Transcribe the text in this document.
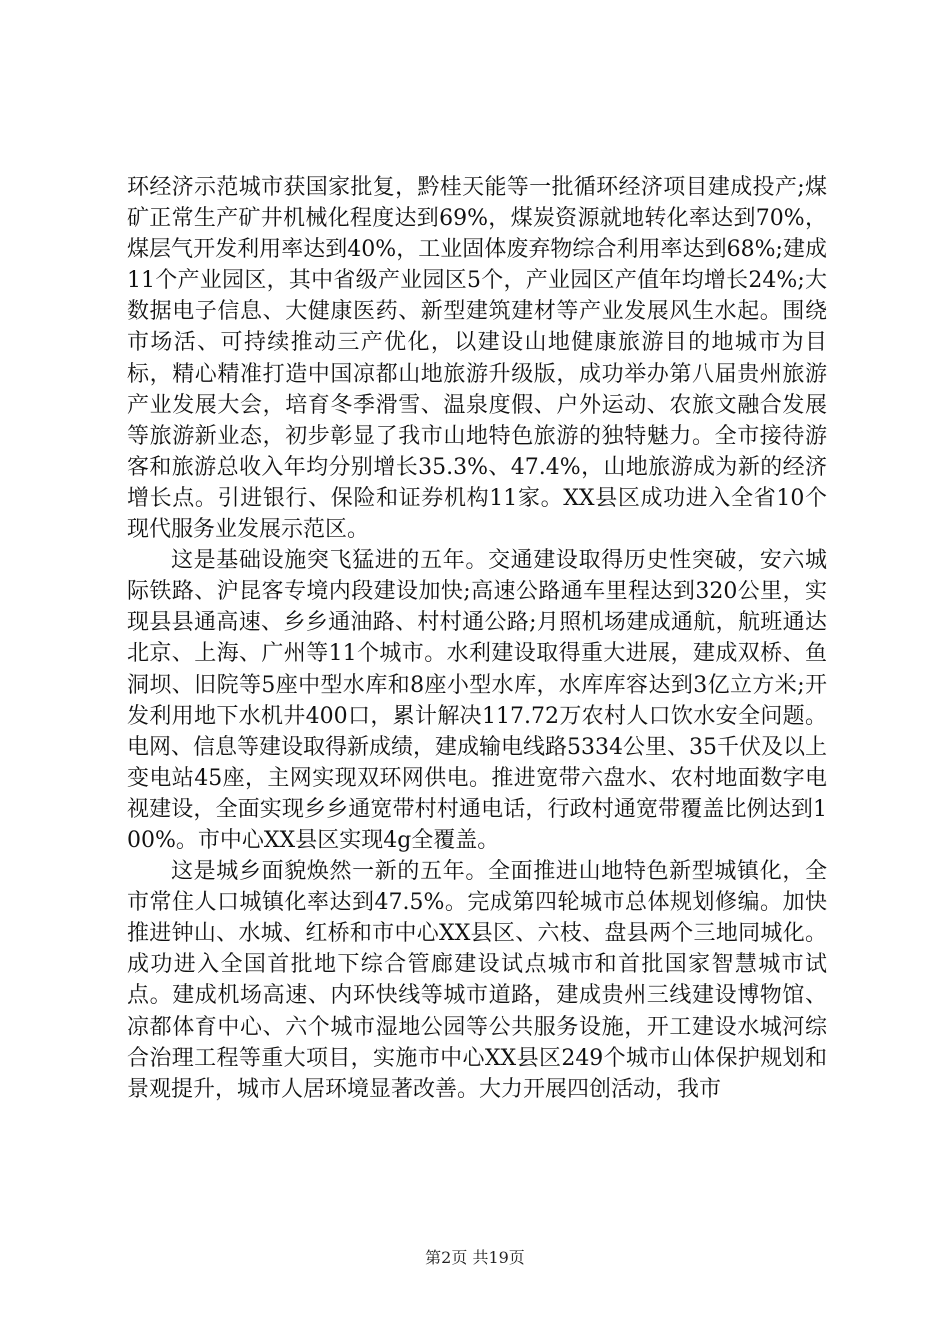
环经济示范城市获国家批复，黔桂天能等一批循环经济项目建成投产;煤矿正常生产矿井机械化程度达到69%，煤炭资源就地转化率达到70%，煤层气开发利用率达到40%，工业固体废弃物综合利用率达到68%;建成11个产业园区，其中省级产业园区5个，产业园区产值年均增长24%;大数据电子信息、大健康医药、新型建筑建材等产业发展风生水起。围绕市场活、可持续推动三产优化，以建设山地健康旅游目的地城市为目标，精心精准打造中国凉都山地旅游升级版，成功举办第八届贵州旅游产业发展大会，培育冬季滑雪、温泉度假、户外运动、农旅文融合发展等旅游新业态，初步彰显了我市山地特色旅游的独特魅力。全市接待游客和旅游总收入年均分别增长35.3%、47.4%，山地旅游成为新的经济增长点。引进银行、保险和证券机构11家。XX县区成功进入全省10个现代服务业发展示范区。

这是基础设施突飞猛进的五年。交通建设取得历史性突破，安六城际铁路、沪昆客专境内段建设加快;高速公路通车里程达到320公里，实现县县通高速、乡乡通油路、村村通公路;月照机场建成通航，航班通达北京、上海、广州等11个城市。水利建设取得重大进展，建成双桥、鱼洞坝、旧院等5座中型水库和8座小型水库，水库库容达到3亿立方米;开发利用地下水机井400口，累计解决117.72万农村人口饮水安全问题。电网、信息等建设取得新成绩，建成输电线路5334公里、35千伏及以上变电站45座，主网实现双环网供电。推进宽带六盘水、农村地面数字电视建设，全面实现乡乡通宽带村村通电话，行政村通宽带覆盖比例达到100%。市中心XX县区实现4g全覆盖。

这是城乡面貌焕然一新的五年。全面推进山地特色新型城镇化，全市常住人口城镇化率达到47.5%。完成第四轮城市总体规划修编。加快推进钟山、水城、红桥和市中心XX县区、六枝、盘县两个三地同城化。成功进入全国首批地下综合管廊建设试点城市和首批国家智慧城市试点。建成机场高速、内环快线等城市道路，建成贵州三线建设博物馆、凉都体育中心、六个城市湿地公园等公共服务设施，开工建设水城河综合治理工程等重大项目，实施市中心XX县区249个城市山体保护规划和景观提升，城市人居环境显著改善。大力开展四创活动，我市

第2页 共19页
